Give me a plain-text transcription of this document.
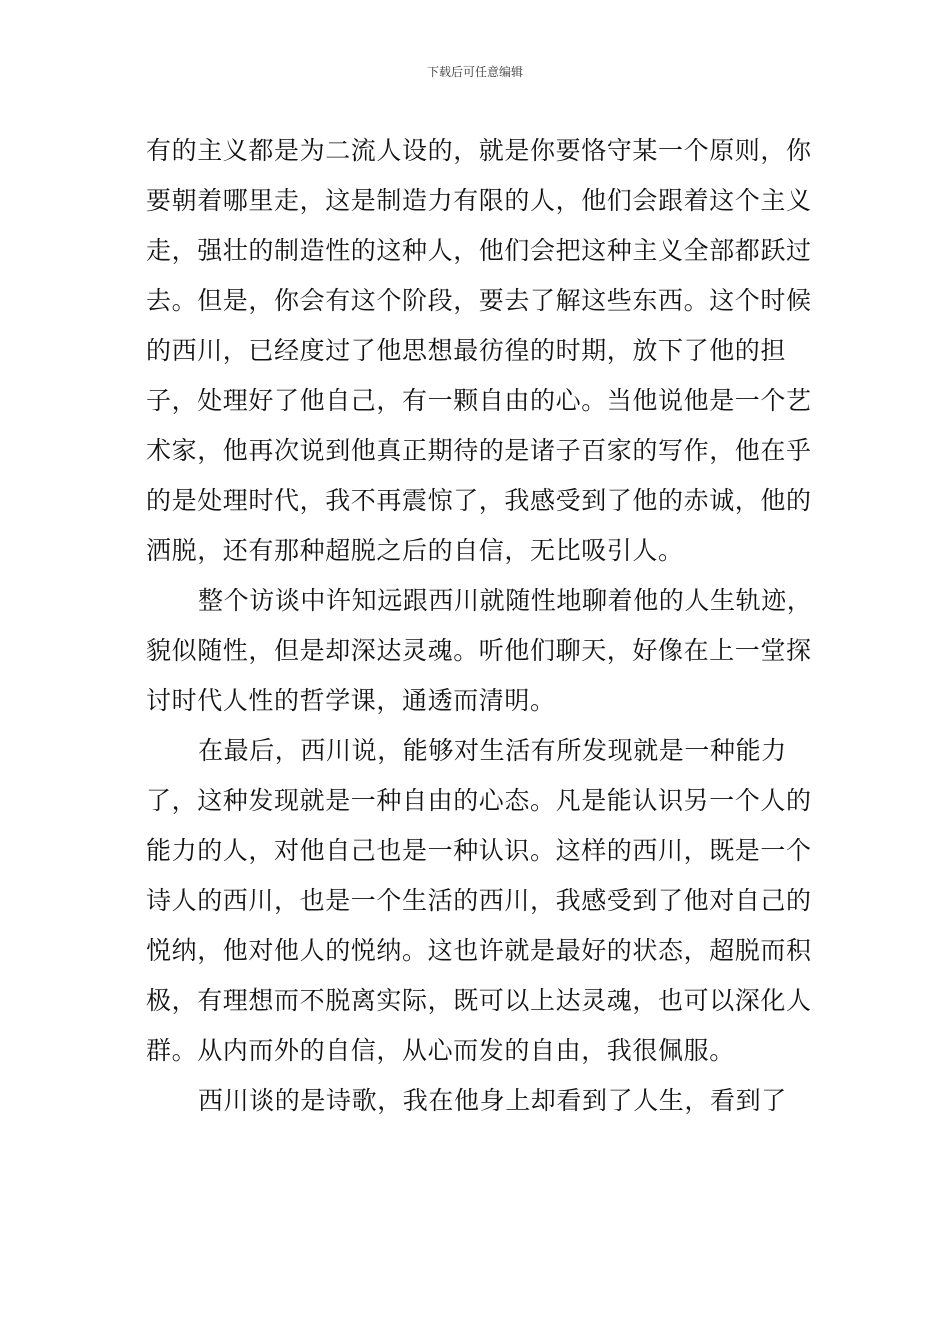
下载后可任意编辑

有的主义都是为二流人设的，就是你要恪守某一个原则，你要朝着哪里走，这是制造力有限的人，他们会跟着这个主义走，强壮的制造性的这种人，他们会把这种主义全部都跃过去。但是，你会有这个阶段，要去了解这些东西。这个时候的西川，已经度过了他思想最彷徨的时期，放下了他的担子，处理好了他自己，有一颗自由的心。当他说他是一个艺术家，他再次说到他真正期待的是诸子百家的写作，他在乎的是处理时代，我不再震惊了，我感受到了他的赤诚，他的洒脱，还有那种超脱之后的自信，无比吸引人。

整个访谈中许知远跟西川就随性地聊着他的人生轨迹，貌似随性，但是却深达灵魂。听他们聊天，好像在上一堂探讨时代人性的哲学课，通透而清明。

在最后，西川说，能够对生活有所发现就是一种能力了，这种发现就是一种自由的心态。凡是能认识另一个人的能力的人，对他自己也是一种认识。这样的西川，既是一个诗人的西川，也是一个生活的西川，我感受到了他对自己的悦纳，他对他人的悦纳。这也许就是最好的状态，超脱而积极，有理想而不脱离实际，既可以上达灵魂，也可以深化人群。从内而外的自信，从心而发的自由，我很佩服。

西川谈的是诗歌，我在他身上却看到了人生，看到了
